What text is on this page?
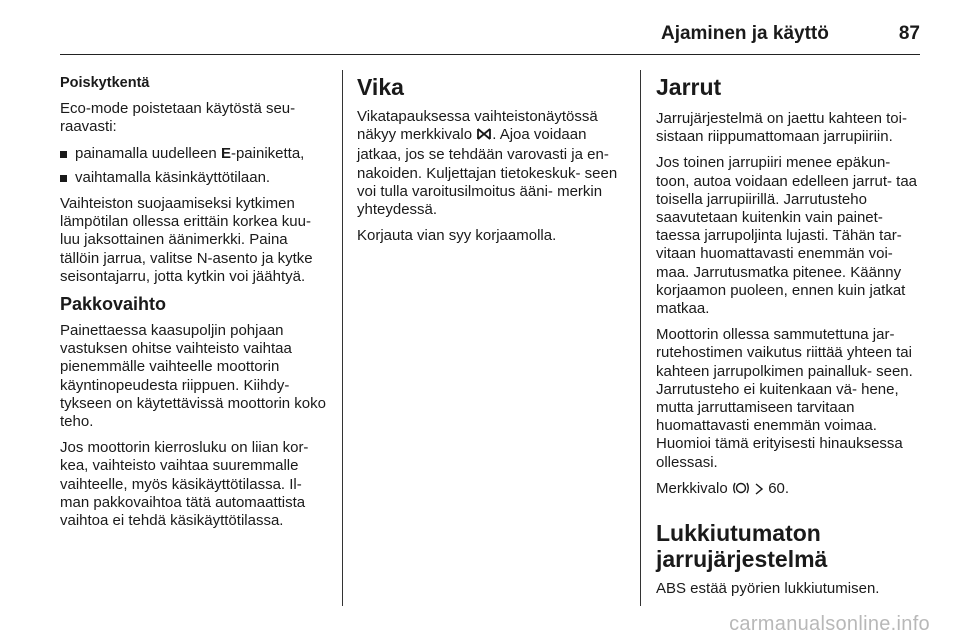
Ajaminen ja käyttö	87

Poiskytkentä

Eco-mode poistetaan käytöstä seu- raavasti:

painamalla uudelleen E-painiketta,
vaihtamalla käsinkäyttötilaan.

Vaihteiston suojaamiseksi kytkimen lämpötilan ollessa erittäin korkea kuu- luu jaksottainen äänimerkki. Paina tällöin jarrua, valitse N-asento ja kytke seisontajarru, jotta kytkin voi jäähtyä.

Pakkovaihto

Painettaessa kaasupoljin pohjaan vastuksen ohitse vaihteisto vaihtaa pienemmälle vaihteelle moottorin käyntinopeudesta riippuen. Kiihdy- tykseen on käytettävissä moottorin koko teho.

Jos moottorin kierrosluku on liian kor- kea, vaihteisto vaihtaa suuremmalle vaihteelle, myös käsikäyttötilassa. Il- man pakkovaihtoa tätä automaattista vaihtoa ei tehdä käsikäyttötilassa.

Vika

Vikatapauksessa vaihteistonäytössä näkyy merkkivalo . Ajoa voidaan jatkaa, jos se tehdään varovasti ja en- nakoiden. Kuljettajan tietokeskuk- seen voi tulla varoitusilmoitus ääni- merkin yhteydessä.

Korjauta vian syy korjaamolla.

Jarrut

Jarrujärjestelmä on jaettu kahteen toi- sistaan riippumattomaan jarrupiiriin.

Jos toinen jarrupiiri menee epäkun- toon, autoa voidaan edelleen jarrut- taa toisella jarrupiirillä. Jarrutusteho saavutetaan kuitenkin vain painet- taessa jarrupoljinta lujasti. Tähän tar- vitaan huomattavasti enemmän voi- maa. Jarrutusmatka pitenee. Käänny korjaamon puoleen, ennen kuin jatkat matkaa.

Moottorin ollessa sammutettuna jar- rutehostimen vaikutus riittää yhteen tai kahteen jarrupolkimen painalluk- seen. Jarrutusteho ei kuitenkaan vä- hene, mutta jarruttamiseen tarvitaan huomattavasti enemmän voimaa. Huomioi tämä erityisesti hinauksessa ollessasi.

Merkkivalo   60.

Lukkiutumaton
jarrujärjestelmä

ABS estää pyörien lukkiutumisen.

carmanualsonline.info
